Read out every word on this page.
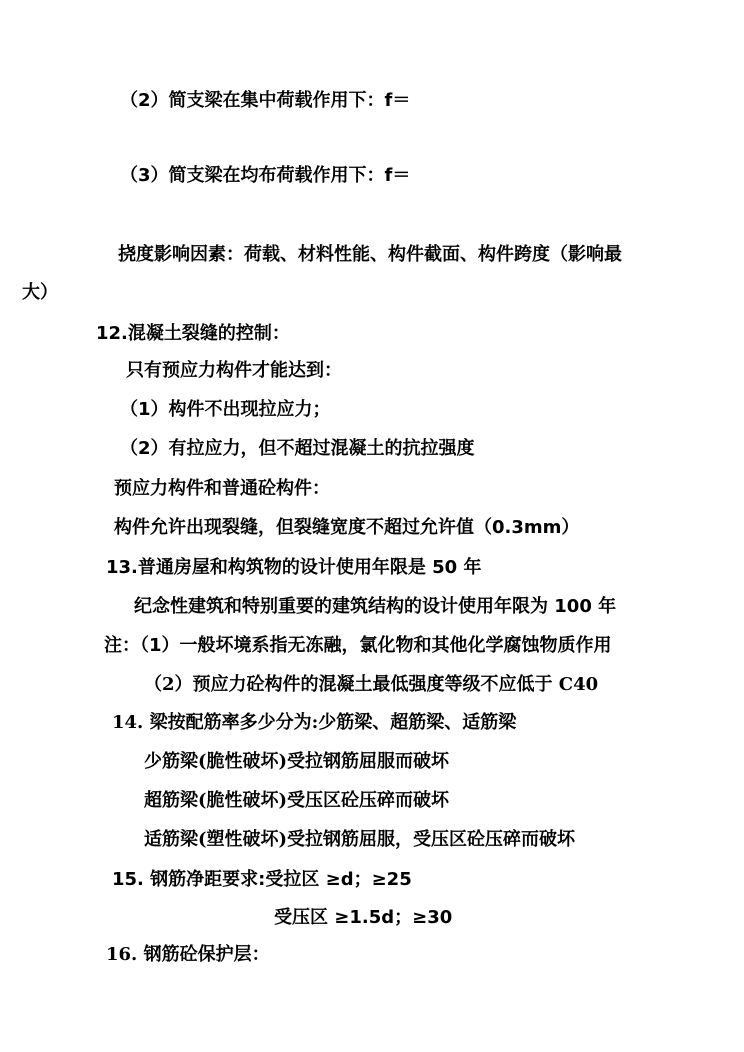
（2）简支梁在集中荷载作用下：f＝

（3）简支梁在均布荷载作用下：f＝

挠度影响因素：荷载、材料性能、构件截面、构件跨度（影响最

大）

12.混凝土裂缝的控制：

只有预应力构件才能达到：

（1）构件不出现拉应力；

（2）有拉应力，但不超过混凝土的抗拉强度

预应力构件和普通砼构件：

构件允许出现裂缝，但裂缝宽度不超过允许值（0.3mm）

13.普通房屋和构筑物的设计使用年限是 50 年

纪念性建筑和特别重要的建筑结构的设计使用年限为 100 年

注：（1）一般坏境系指无冻融，氯化物和其他化学腐蚀物质作用

（2）预应力砼构件的混凝土最低强度等级不应低于 C40

14. 梁按配筋率多少分为:少筋梁、超筋梁、适筋梁

少筋梁(脆性破坏)受拉钢筋屈服而破坏

超筋梁(脆性破坏)受压区砼压碎而破坏

适筋梁(塑性破坏)受拉钢筋屈服，受压区砼压碎而破坏

15. 钢筋净距要求:受拉区 ≥d；≥25

受压区 ≥1.5d；≥30

16. 钢筋砼保护层：
